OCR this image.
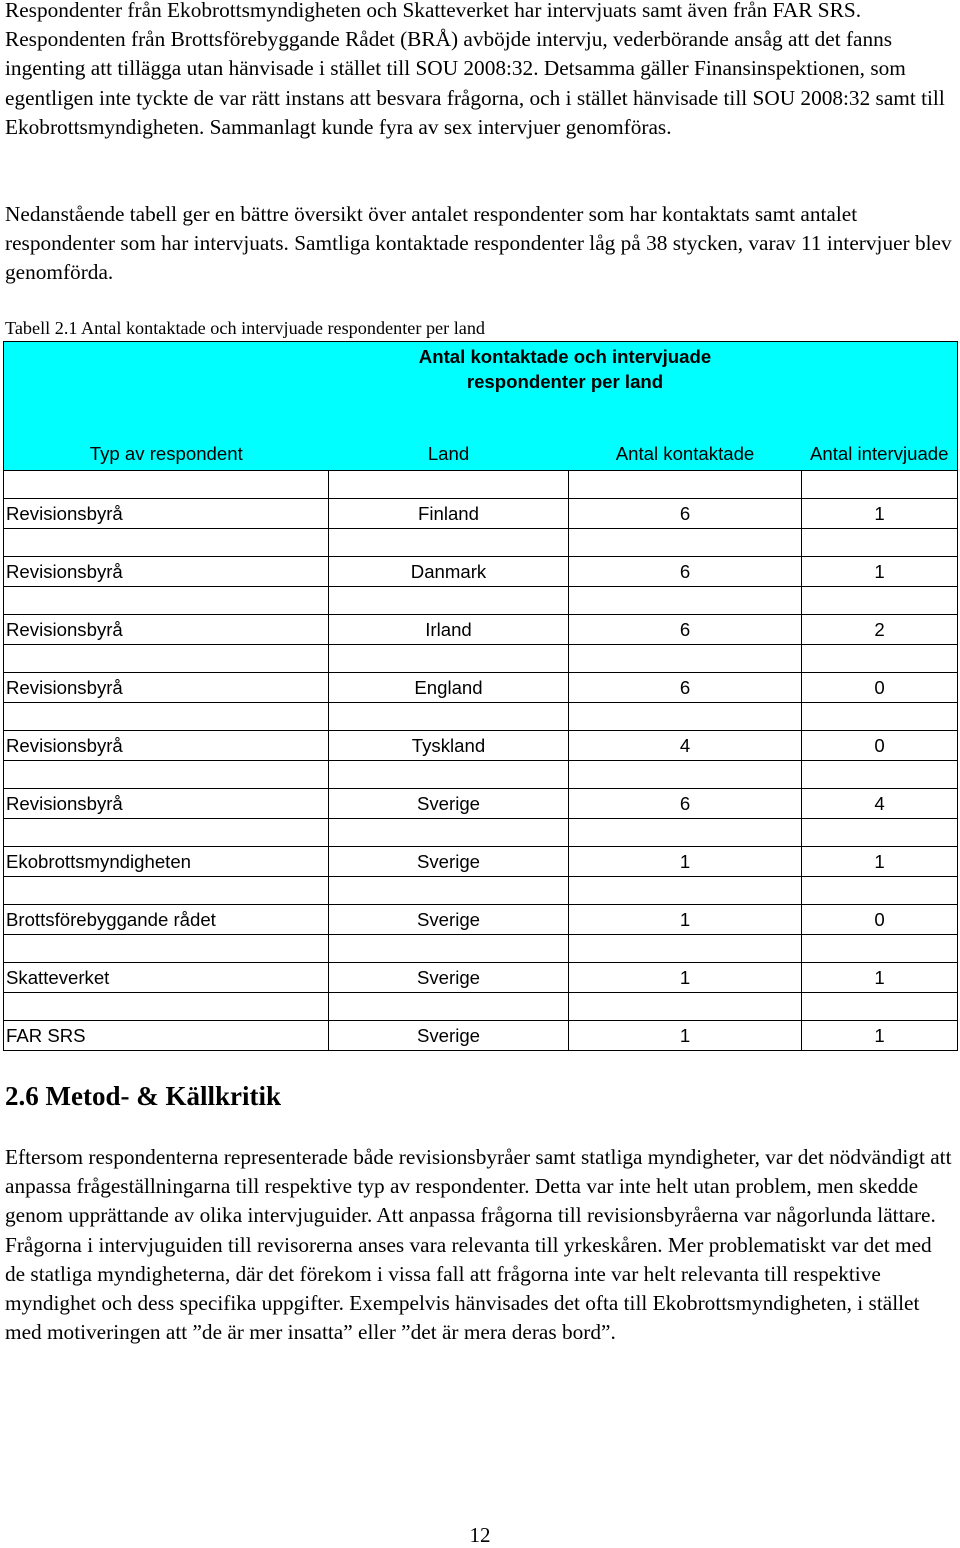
Respondenter från Ekobrottsmyndigheten och Skatteverket har intervjuats samt även från FAR SRS. Respondenten från Brottsförebyggande Rådet (BRÅ) avböjde intervju, vederbörande ansåg att det fanns ingenting att tillägga utan hänvisade i stället till SOU 2008:32. Detsamma gäller Finansinspektionen, som egentligen inte tyckte de var rätt instans att besvara frågorna, och i stället hänvisade till SOU 2008:32 samt till Ekobrottsmyndigheten. Sammanlagt kunde fyra av sex intervjuer genomföras.

Nedanstående tabell ger en bättre översikt över antalet respondenter som har kontaktats samt antalet respondenter som har intervjuats. Samtliga kontaktade respondenter låg på 38 stycken, varav 11 intervjuer blev genomförda.

Tabell 2.1 Antal kontaktade och intervjuade respondenter per land
	Antal kontaktade och intervjuade respondenter per land		
Typ av respondent	Land	Antal kontaktade	Antal intervjuade

Revisionsbyrå	Finland	6	1

Revisionsbyrå	Danmark	6	1

Revisionsbyrå	Irland	6	2

Revisionsbyrå	England	6	0

Revisionsbyrå	Tyskland	4	0

Revisionsbyrå	Sverige	6	4

Ekobrottsmyndigheten	Sverige	1	1

Brottsförebyggande rådet	Sverige	1	0

Skatteverket	Sverige	1	1

FAR SRS	Sverige	1	1
2.6 Metod- & Källkritik

Eftersom respondenterna representerade både revisionsbyråer samt statliga myndigheter, var det nödvändigt att anpassa frågeställningarna till respektive typ av respondenter. Detta var inte helt utan problem, men skedde genom upprättande av olika intervjuguider. Att anpassa frågorna till revisionsbyråerna var någorlunda lättare. Frågorna i intervjuguiden till revisorerna anses vara relevanta till yrkeskåren. Mer problematiskt var det med de statliga myndigheterna, där det förekom i vissa fall att frågorna inte var helt relevanta till respektive myndighet och dess specifika uppgifter. Exempelvis hänvisades det ofta till Ekobrottsmyndigheten, i stället med motiveringen att ”de är mer insatta” eller ”det är mera deras bord”.

12
